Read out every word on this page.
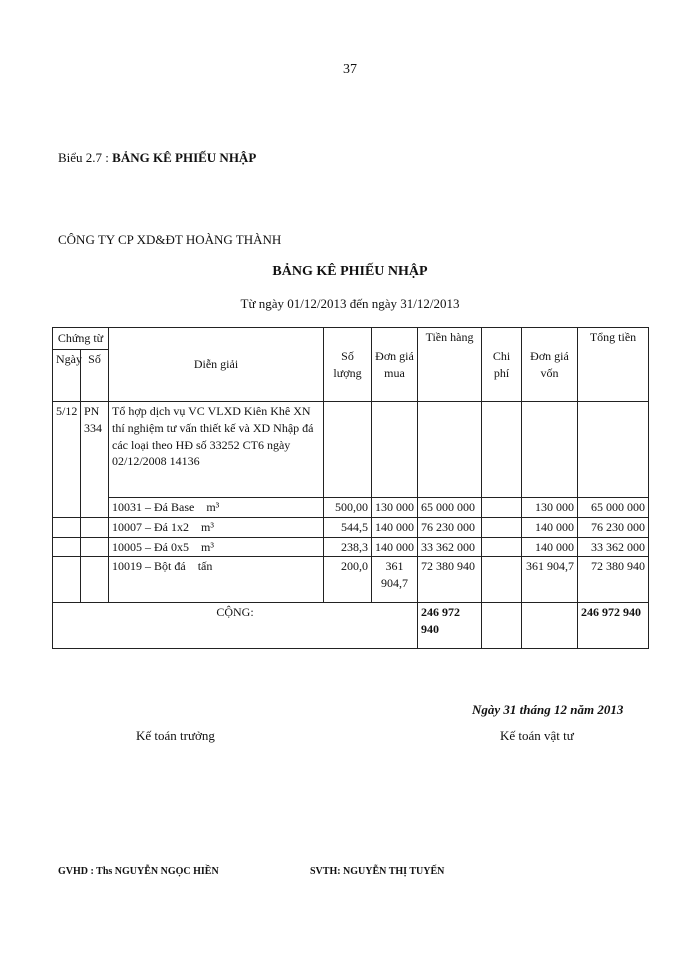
37
Biểu 2.7 : BẢNG KÊ PHIẾU NHẬP
CÔNG TY CP XD&ĐT HOÀNG THÀNH
BẢNG KÊ PHIẾU NHẬP
Từ ngày 01/12/2013 đến ngày 31/12/2013
Chứng từ		Diễn giải	Số lượng	Đơn giá mua	Tiền hàng	Chi phí	Đơn giá vốn	Tổng tiền
Ngày	Số							
5/12	PN 334	Tổ hợp dịch vụ VC VLXD Kiên Khê XN thí nghiệm tư vấn thiết kế và XD Nhập đá các loại theo HĐ số 33252 CT6 ngày 02/12/2008 14136						
		10031 – Đá Base m³	500,00	130 000	65 000 000		130 000	65 000 000
		10007 – Đá 1x2 m³	544,5	140 000	76 230 000		140 000	76 230 000
		10005 – Đá 0x5 m³	238,3	140 000	33 362 000		140 000	33 362 000
		10019 – Bột đá tấn	200,0	361 904,7	72 380 940		361 904,7	72 380 940
CỘNG:					246 972 940			246 972 940
Ngày 31 tháng 12 năm 2013
Kế toán trưởng	Kế toán vật tư
GVHD : Ths NGUYỄN NGỌC HIỀN	SVTH: NGUYỄN THỊ TUYẾN
